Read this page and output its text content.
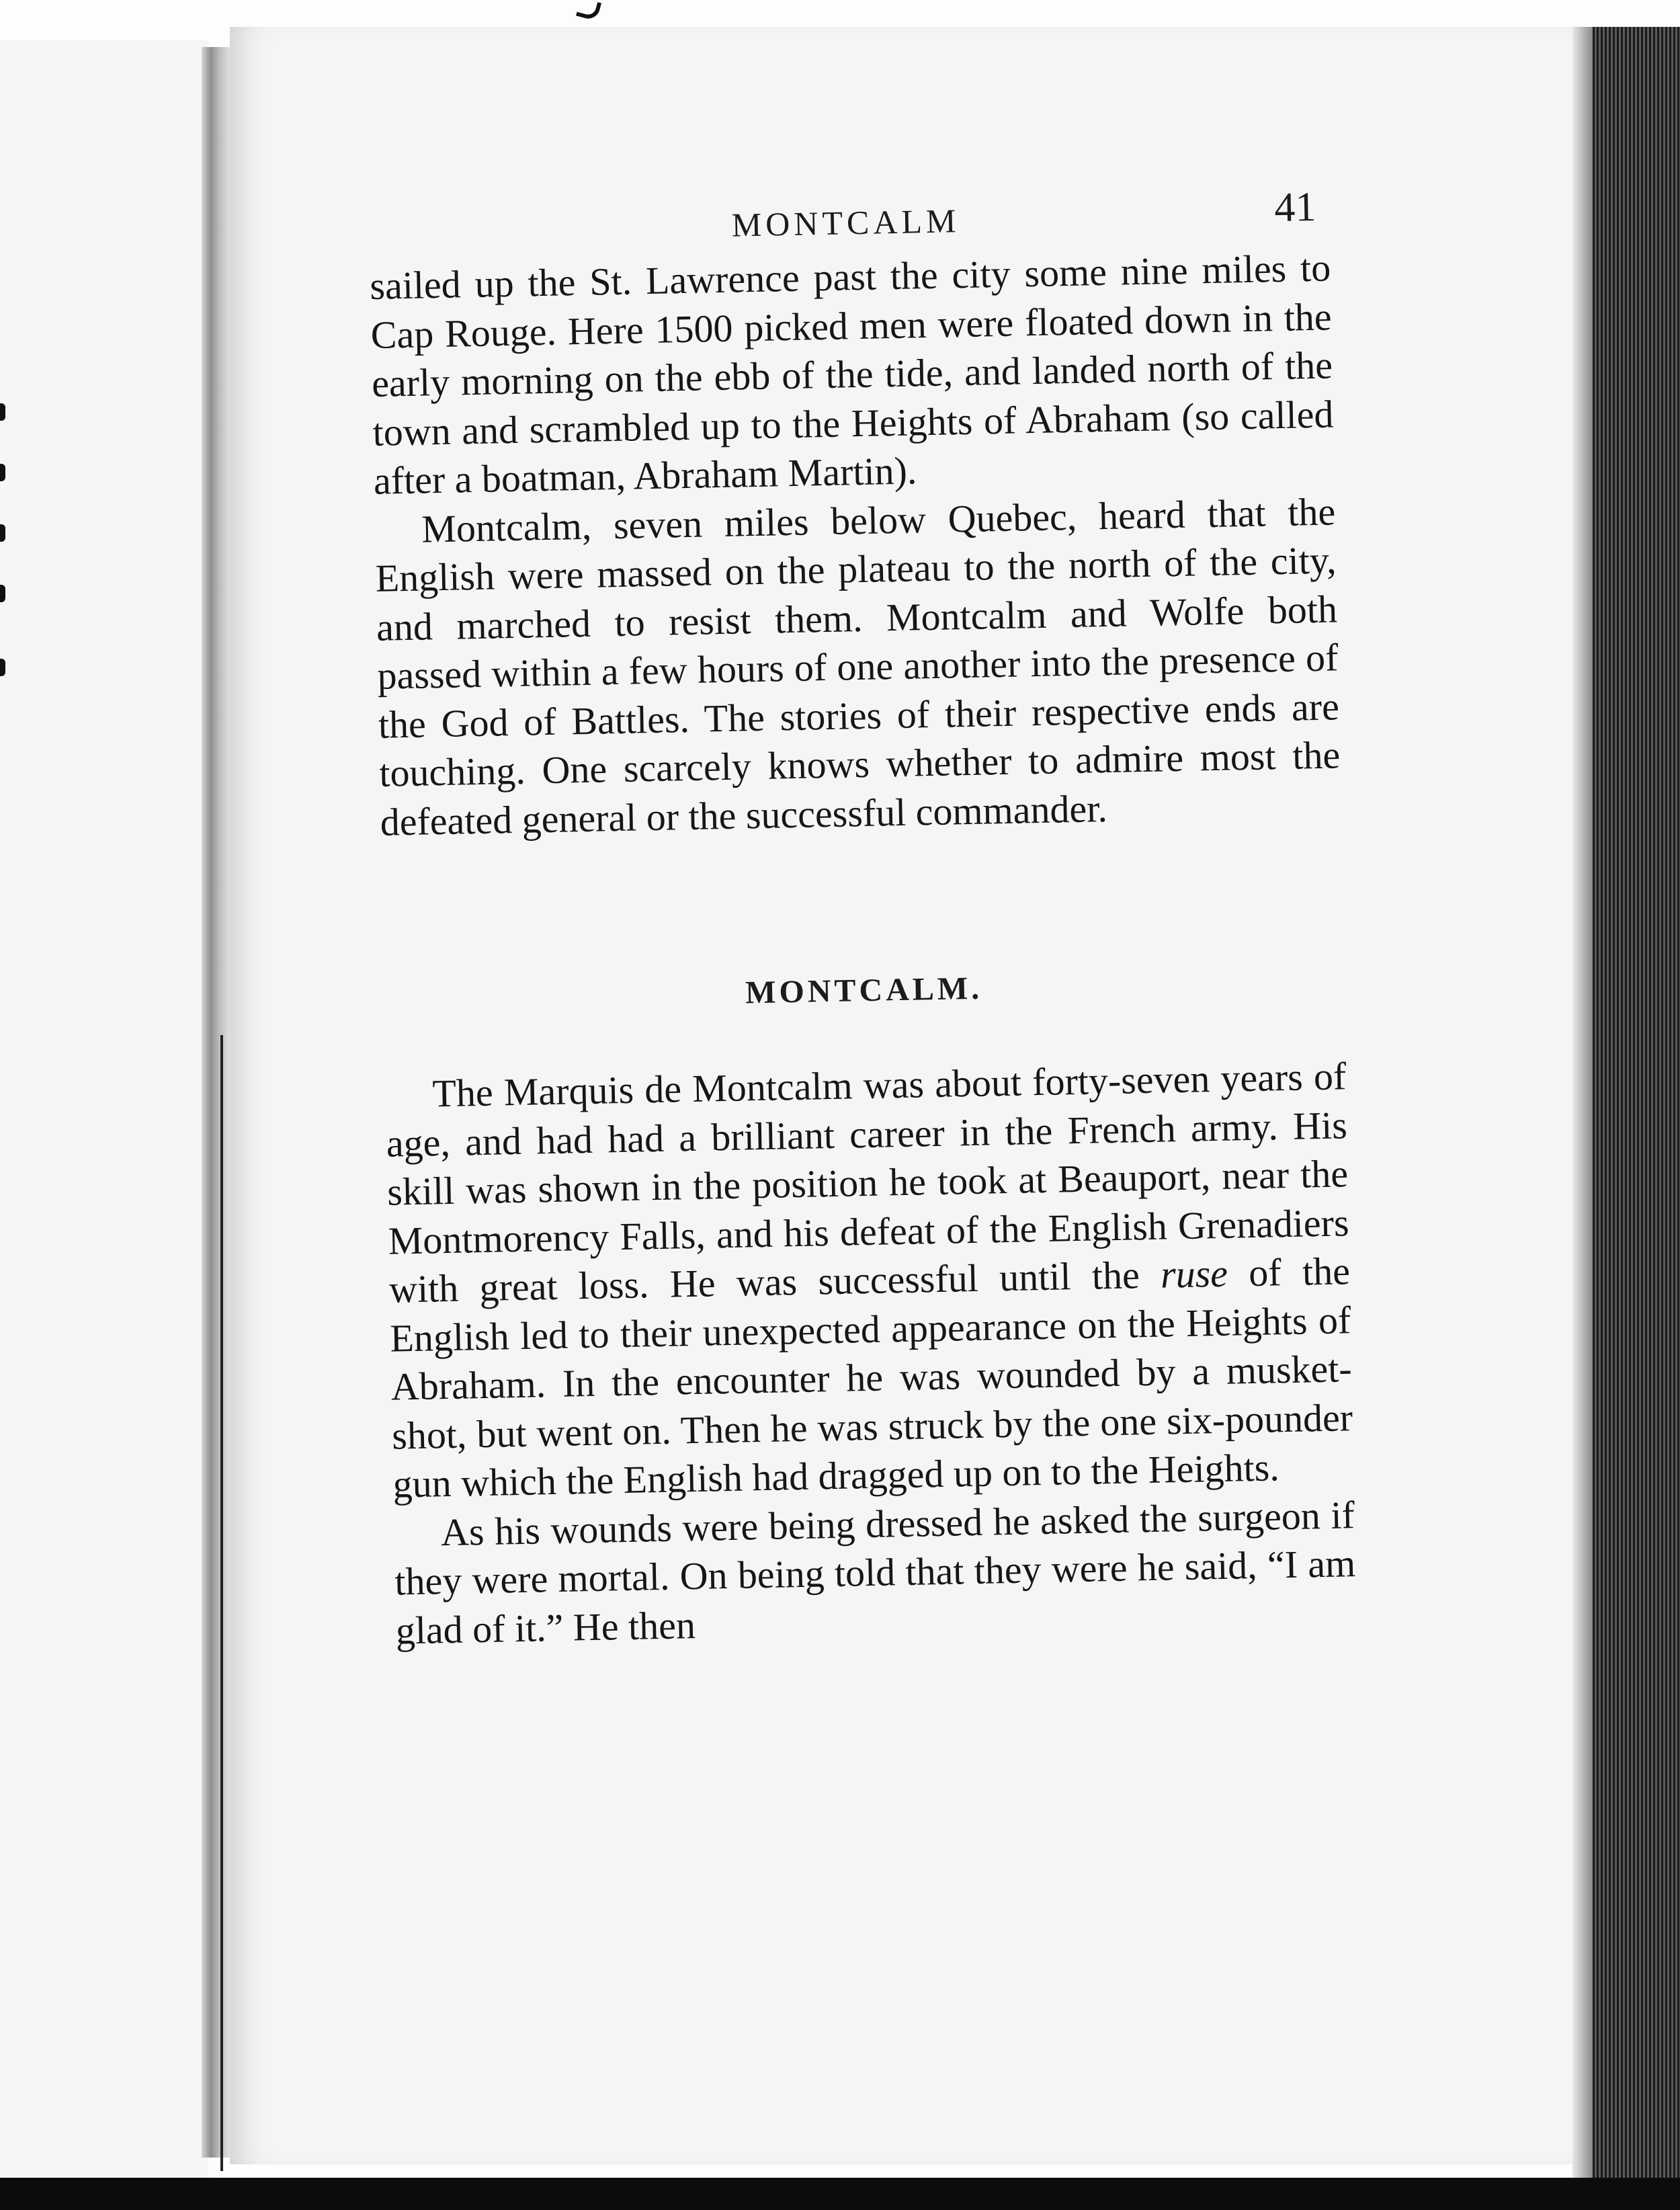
MONTCALM	41

sailed up the St. Lawrence past the city some nine miles to Cap Rouge. Here 1500 picked men were floated down in the early morning on the ebb of the tide, and landed north of the town and scrambled up to the Heights of Abraham (so called after a boatman, Abraham Martin).

Montcalm, seven miles below Quebec, heard that the English were massed on the plateau to the north of the city, and marched to resist them. Montcalm and Wolfe both passed within a few hours of one another into the presence of the God of Battles. The stories of their respective ends are touching. One scarcely knows whether to admire most the defeated general or the successful commander.

MONTCALM.

The Marquis de Montcalm was about forty-seven years of age, and had had a brilliant career in the French army. His skill was shown in the position he took at Beauport, near the Montmorency Falls, and his defeat of the English Grenadiers with great loss. He was successful until the ruse of the English led to their unexpected appearance on the Heights of Abraham. In the encounter he was wounded by a musket-shot, but went on. Then he was struck by the one six-pounder gun which the English had dragged up on to the Heights.

As his wounds were being dressed he asked the surgeon if they were mortal. On being told that they were he said, “I am glad of it.” He then
